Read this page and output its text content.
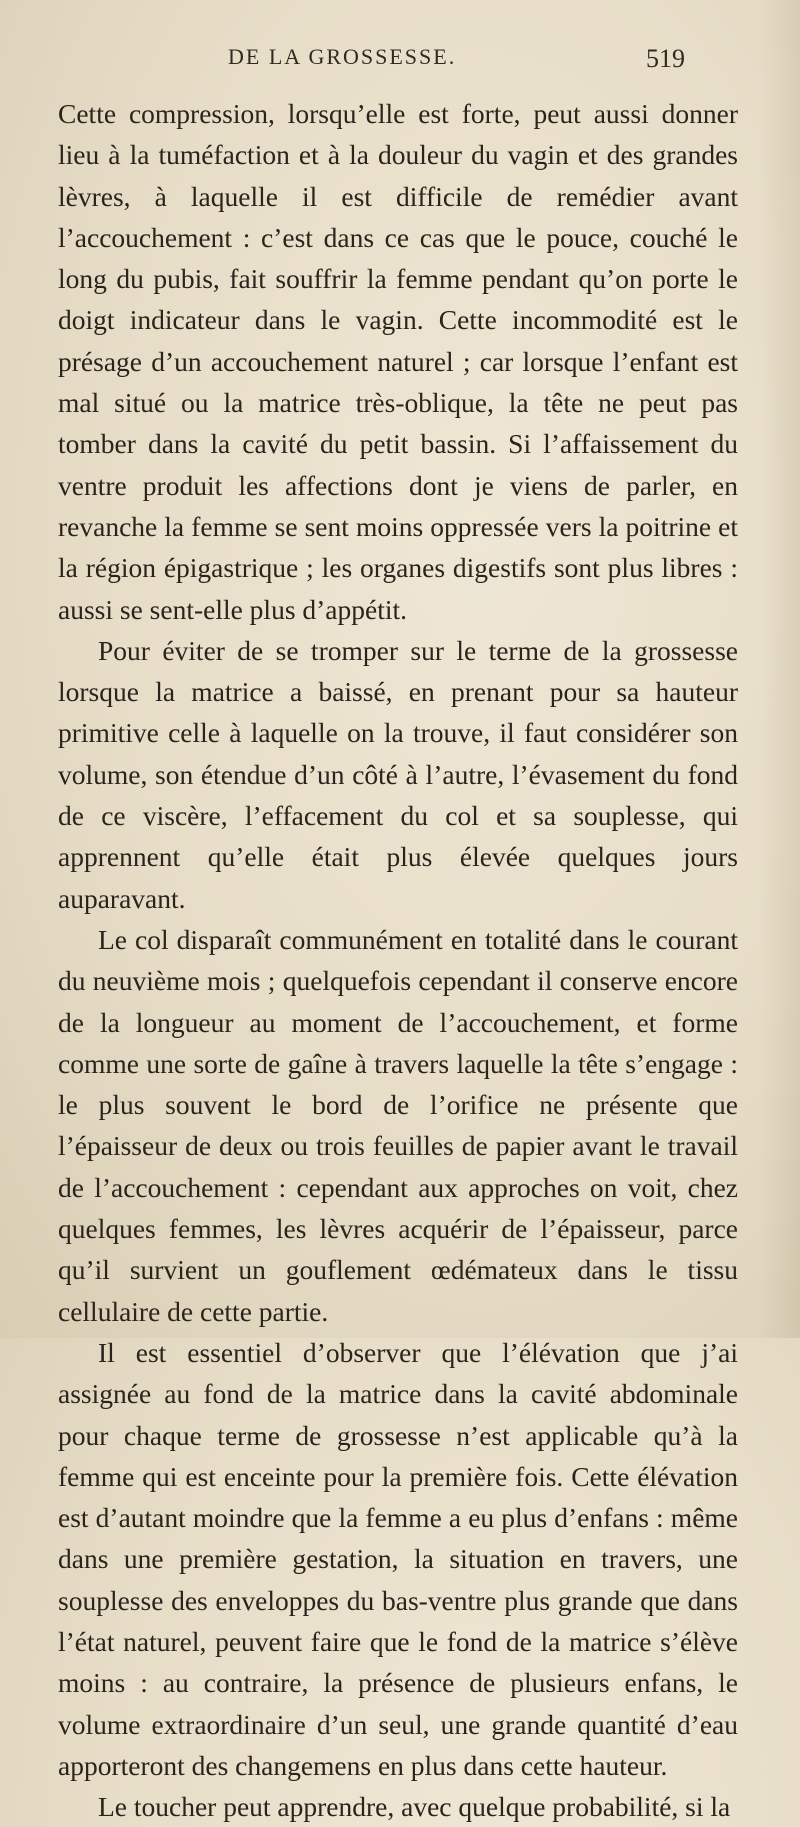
DE LA GROSSESSE.	519

Cette compression, lorsqu’elle est forte, peut aussi donner lieu à la tuméfaction et à la douleur du vagin et des grandes lèvres, à laquelle il est difficile de remédier avant l’accouchement : c’est dans ce cas que le pouce, couché le long du pubis, fait souffrir la femme pendant qu’on porte le doigt indicateur dans le vagin. Cette incommodité est le présage d’un accouchement naturel ; car lorsque l’enfant est mal situé ou la matrice très-oblique, la tête ne peut pas tomber dans la cavité du petit bassin. Si l’affaissement du ventre produit les affections dont je viens de parler, en revanche la femme se sent moins oppressée vers la poitrine et la région épigastrique ; les organes digestifs sont plus libres : aussi se sent-elle plus d’appétit.

Pour éviter de se tromper sur le terme de la grossesse lorsque la matrice a baissé, en prenant pour sa hauteur primitive celle à laquelle on la trouve, il faut considérer son volume, son étendue d’un côté à l’autre, l’évasement du fond de ce viscère, l’effacement du col et sa souplesse, qui apprennent qu’elle était plus élevée quelques jours auparavant.

Le col disparaît communément en totalité dans le courant du neuvième mois ; quelquefois cependant il conserve encore de la longueur au moment de l’accouchement, et forme comme une sorte de gaîne à travers laquelle la tête s’engage : le plus souvent le bord de l’orifice ne présente que l’épaisseur de deux ou trois feuilles de papier avant le travail de l’accouchement : cependant aux approches on voit, chez quelques femmes, les lèvres acquérir de l’épaisseur, parce qu’il survient un gouflement œdémateux dans le tissu cellulaire de cette partie.

Il est essentiel d’observer que l’élévation que j’ai assignée au fond de la matrice dans la cavité abdominale pour chaque terme de grossesse n’est applicable qu’à la femme qui est enceinte pour la première fois. Cette élévation est d’autant moindre que la femme a eu plus d’enfans : même dans une première gestation, la situation en travers, une souplesse des enveloppes du bas-ventre plus grande que dans l’état naturel, peuvent faire que le fond de la matrice s’élève moins : au contraire, la présence de plusieurs enfans, le volume extraordinaire d’un seul, une grande quantité d’eau apporteront des changemens en plus dans cette hauteur.

Le toucher peut apprendre, avec quelque probabilité, si la
